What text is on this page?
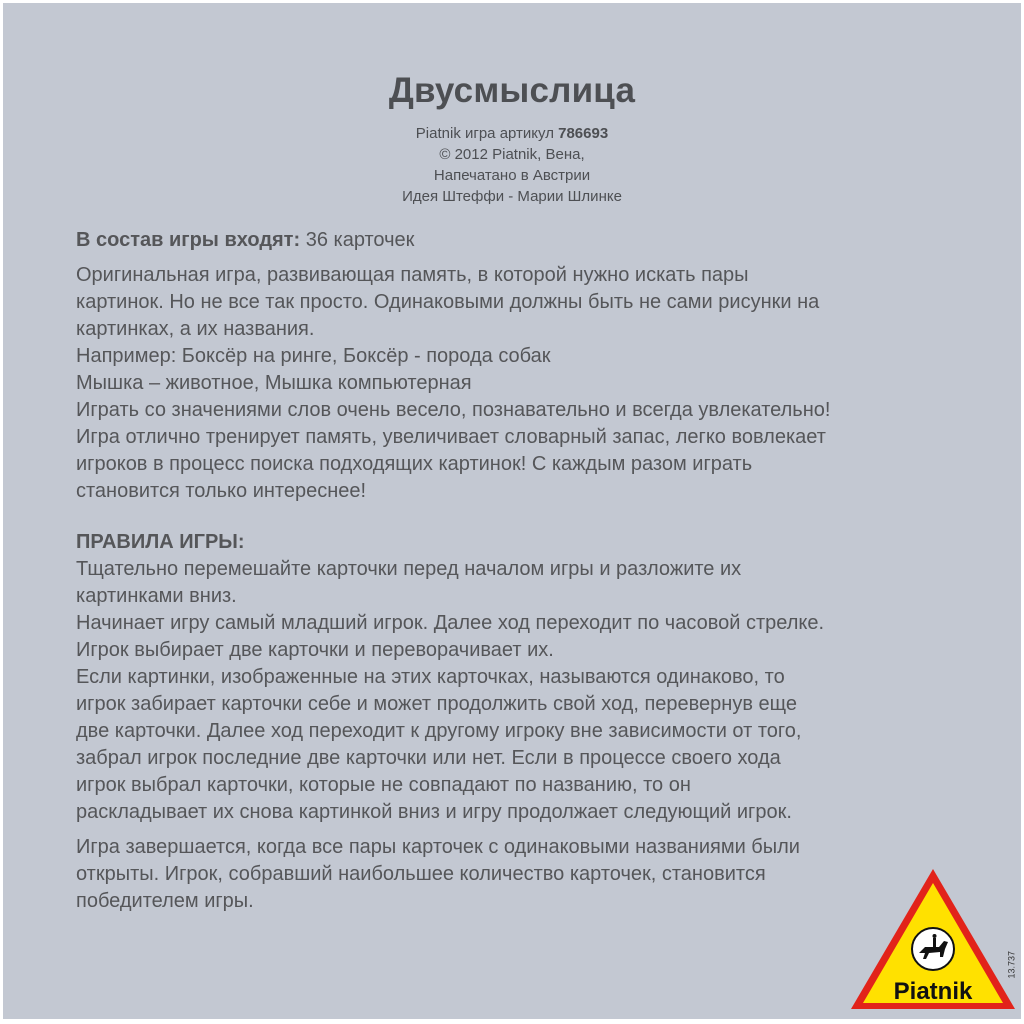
Двусмыслица
Piatnik игра артикул 786693
© 2012 Piatnik, Вена,
Напечатано в Австрии
Идея Штеффи - Марии Шлинке

В состав игры входят: 36 карточек

Оригинальная игра, развивающая память, в которой нужно искать пары

картинок. Но не все так просто. Одинаковыми должны быть не сами рисунки на

картинках, а их названия.

Например: Боксёр на ринге, Боксёр - порода собак

Мышка – животное, Мышка компьютерная

Играть со значениями слов очень весело, познавательно и всегда увлекательно!

Игра отлично тренирует память, увеличивает словарный запас, легко вовлекает

игроков в процесс поиска подходящих картинок! С каждым разом играть

становится только интереснее!

ПРАВИЛА ИГРЫ:

Тщательно перемешайте карточки перед началом игры и разложите их

картинками вниз.

Начинает игру самый младший игрок. Далее ход переходит по часовой стрелке.

Игрок выбирает две карточки и переворачивает их.

Если картинки, изображенные на этих карточках, называются одинаково, то

игрок забирает карточки себе и может продолжить свой ход, перевернув еще

две карточки. Далее ход переходит к другому игроку вне зависимости от того,

забрал игрок последние две карточки или нет. Если в процессе своего хода

игрок выбрал карточки, которые не совпадают по названию, то он

раскладывает их снова картинкой вниз и игру продолжает следующий игрок.

Игра завершается, когда все пары карточек с одинаковыми названиями были

открыты. Игрок, собравший наибольшее количество карточек, становится

победителем игры.

Piatnik
13.737
